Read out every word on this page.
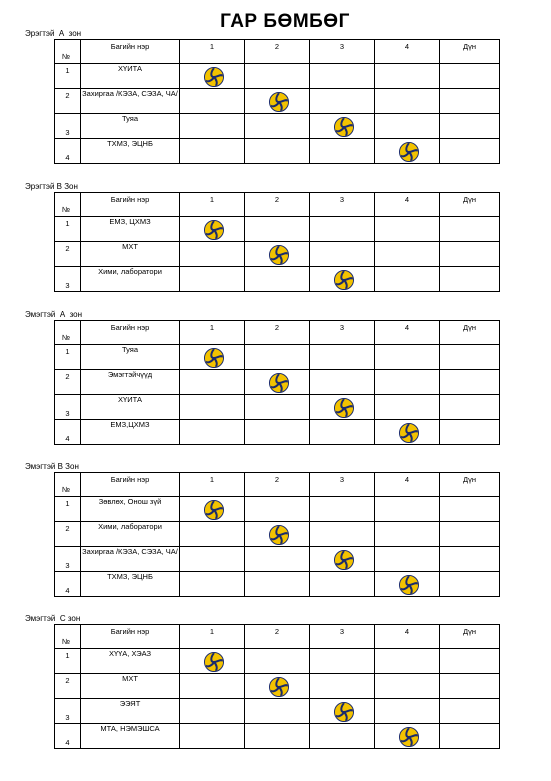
ГАР БӨМБӨГ
Эрэгтэй  А  зон
№	Багийн нэр	1	2	3	4	Дүн

1	ХҮИТА	

2	Захиргаа /КЭЗА, СЭЗА, ЧА/		

3	Туяа			

4	ТХМЗ, ЭЦНБ				

Эрэгтэй В Зон
№	Багийн нэр	1	2	3	4	Дүн

1	ЕМЗ, ЦХМЗ	

2	МХТ		

3	Хими, лаборатори			

Эмэгтэй  А  зон
№	Багийн нэр	1	2	3	4	Дүн

1	Туяа	

2	Эмэгтэйчүүд		

3	ХҮИТА			

4	ЕМЗ,ЦХМЗ				

Эмэгтэй В Зон
№	Багийн нэр	1	2	3	4	Дүн

1	Зөвлөх, Онош зүй	

2	Хими, лаборатори		

3	Захиргаа /КЭЗА, СЭЗА, ЧА/			

4	ТХМЗ, ЭЦНБ				

Эмэгтэй  С зон
№	Багийн нэр	1	2	3	4	Дүн

1	ХҮҮА, ХЭАЗ	

2	МХТ		

3	ЭЭЯТ			

4	МТА, НЭМЭШСА				
